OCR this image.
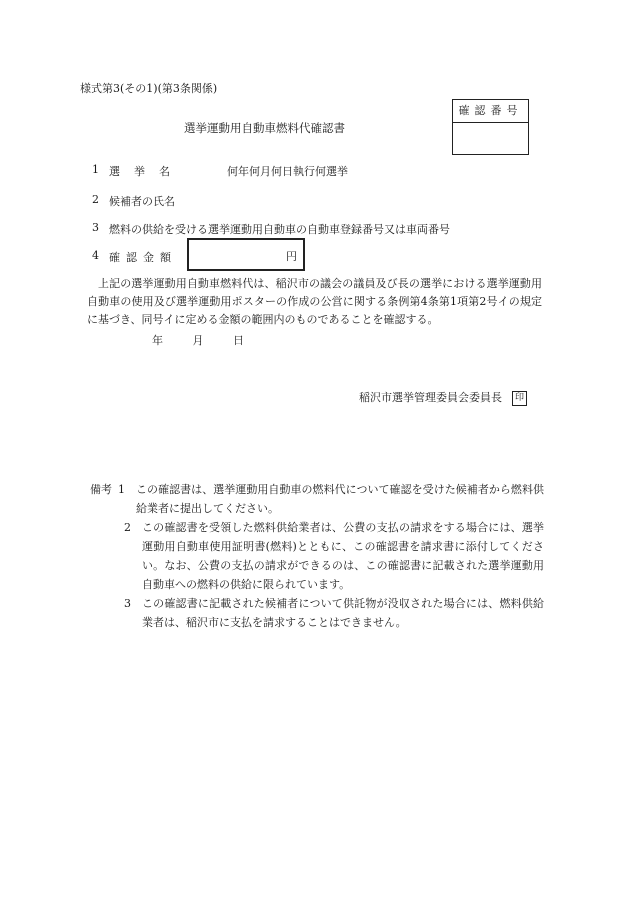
様式第3(その1)(第3条関係)
選挙運動用自動車燃料代確認書
確認番号
1 選挙名	何年何月何日執行何選挙
2 候補者の氏名
3 燃料の供給を受ける選挙運動用自動車の自動車登録番号又は車両番号
4 確認金額	円
上記の選挙運動用自動車燃料代は、稲沢市の議会の議員及び長の選挙における選挙運動用自動車の使用及び選挙運動用ポスターの作成の公営に関する条例第4条第1項第2号イの規定に基づき、同号イに定める金額の範囲内のものであることを確認する。
年	月	日
稲沢市選挙管理委員会委員長 印
備考 1	この確認書は、選挙運動用自動車の燃料代について確認を受けた候補者から燃料供給業者に提出してください。
2	この確認書を受領した燃料供給業者は、公費の支払の請求をする場合には、選挙運動用自動車使用証明書(燃料)とともに、この確認書を請求書に添付してください。なお、公費の支払の請求ができるのは、この確認書に記載された選挙運動用自動車への燃料の供給に限られています。
3	この確認書に記載された候補者について供託物が没収された場合には、燃料供給業者は、稲沢市に支払を請求することはできません。
